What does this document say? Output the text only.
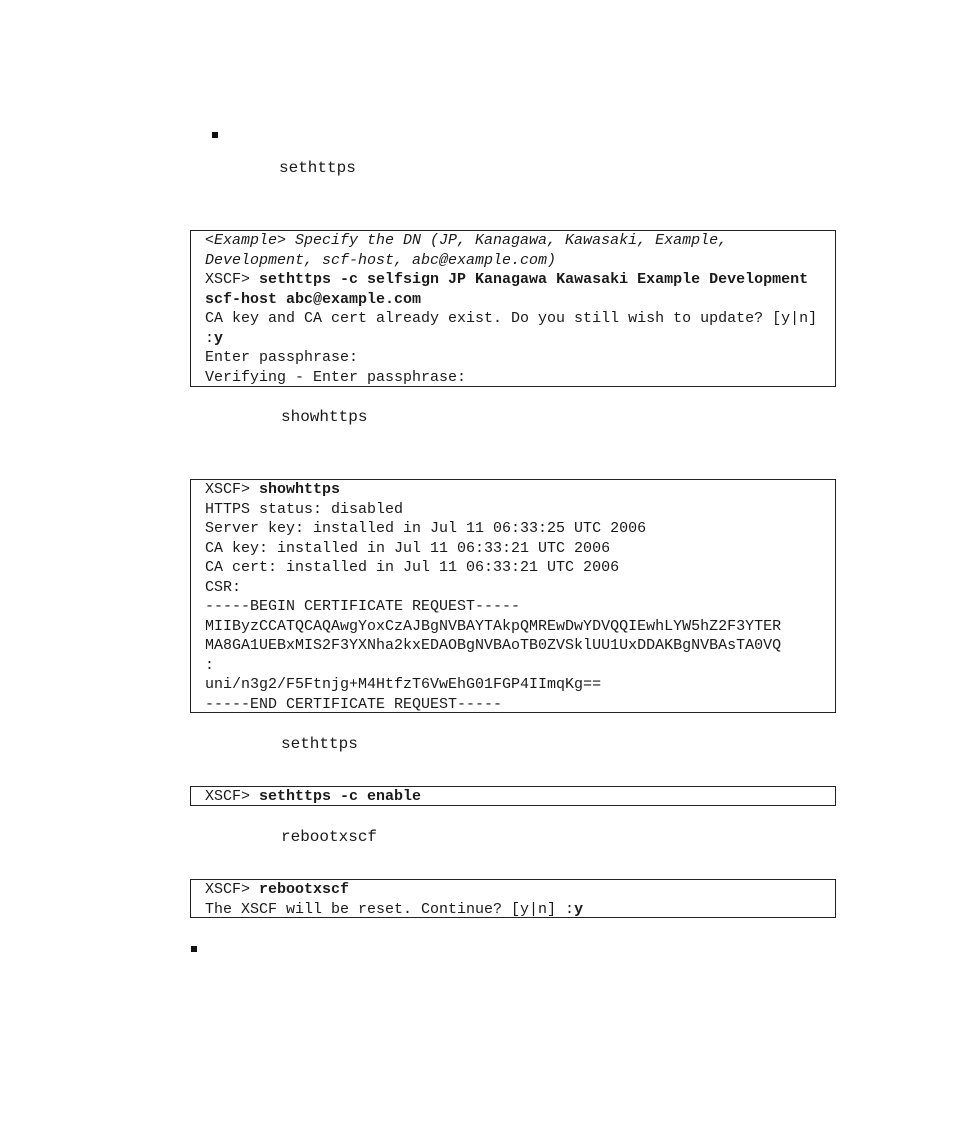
sethttps
<Example> Specify the DN (JP, Kanagawa, Kawasaki, Example,
Development, scf-host, abc@example.com)
XSCF> sethttps -c selfsign JP Kanagawa Kawasaki Example Development
scf-host abc@example.com
CA key and CA cert already exist. Do you still wish to update? [y|n]
:y
Enter passphrase:
Verifying - Enter passphrase:
showhttps
XSCF> showhttps
HTTPS status: disabled
Server key: installed in Jul 11 06:33:25 UTC 2006
CA key: installed in Jul 11 06:33:21 UTC 2006
CA cert: installed in Jul 11 06:33:21 UTC 2006
CSR:
-----BEGIN CERTIFICATE REQUEST-----
MIIByzCCATQCAQAwgYoxCzAJBgNVBAYTAkpQMREwDwYDVQQIEwhLYW5hZ2F3YTER
MA8GA1UEBxMIS2F3YXNha2kxEDAOBgNVBAoTB0ZVSklUU1UxDDAKBgNVBAsTA0VQ
:
uni/n3g2/F5Ftnjg+M4HtfzT6VwEhG01FGP4IImqKg==
-----END CERTIFICATE REQUEST-----
sethttps
XSCF> sethttps -c enable
rebootxscf
XSCF> rebootxscf
The XSCF will be reset. Continue? [y|n] :y
